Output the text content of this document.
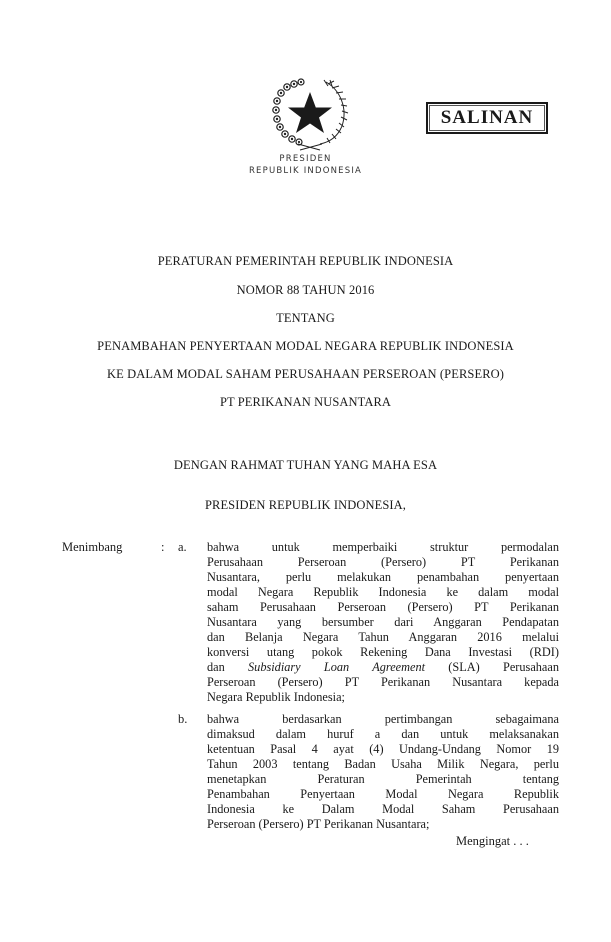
SALINAN
PRESIDEN
REPUBLIK INDONESIA
PERATURAN PEMERINTAH REPUBLIK INDONESIA
NOMOR 88 TAHUN 2016
TENTANG
PENAMBAHAN PENYERTAAN MODAL NEGARA REPUBLIK INDONESIA
KE DALAM MODAL SAHAM PERUSAHAAN PERSEROAN (PERSERO)
PT PERIKANAN NUSANTARA
DENGAN RAHMAT TUHAN YANG MAHA ESA
PRESIDEN REPUBLIK INDONESIA,
Menimbang	: a. bahwa untuk memperbaiki struktur permodalan
Perusahaan Perseroan (Persero) PT Perikanan
Nusantara, perlu melakukan penambahan penyertaan
modal Negara Republik Indonesia ke dalam modal
saham Perusahaan Perseroan (Persero) PT Perikanan
Nusantara yang bersumber dari Anggaran Pendapatan
dan Belanja Negara Tahun Anggaran 2016 melalui
konversi utang pokok Rekening Dana Investasi (RDI)
dan Subsidiary Loan Agreement (SLA) Perusahaan
Perseroan (Persero) PT Perikanan Nusantara kepada
Negara Republik Indonesia;
b. bahwa berdasarkan pertimbangan sebagaimana
dimaksud dalam huruf a dan untuk melaksanakan
ketentuan Pasal 4 ayat (4) Undang-Undang Nomor 19
Tahun 2003 tentang Badan Usaha Milik Negara, perlu
menetapkan Peraturan Pemerintah tentang
Penambahan Penyertaan Modal Negara Republik
Indonesia ke Dalam Modal Saham Perusahaan
Perseroan (Persero) PT Perikanan Nusantara;
Mengingat . . .
